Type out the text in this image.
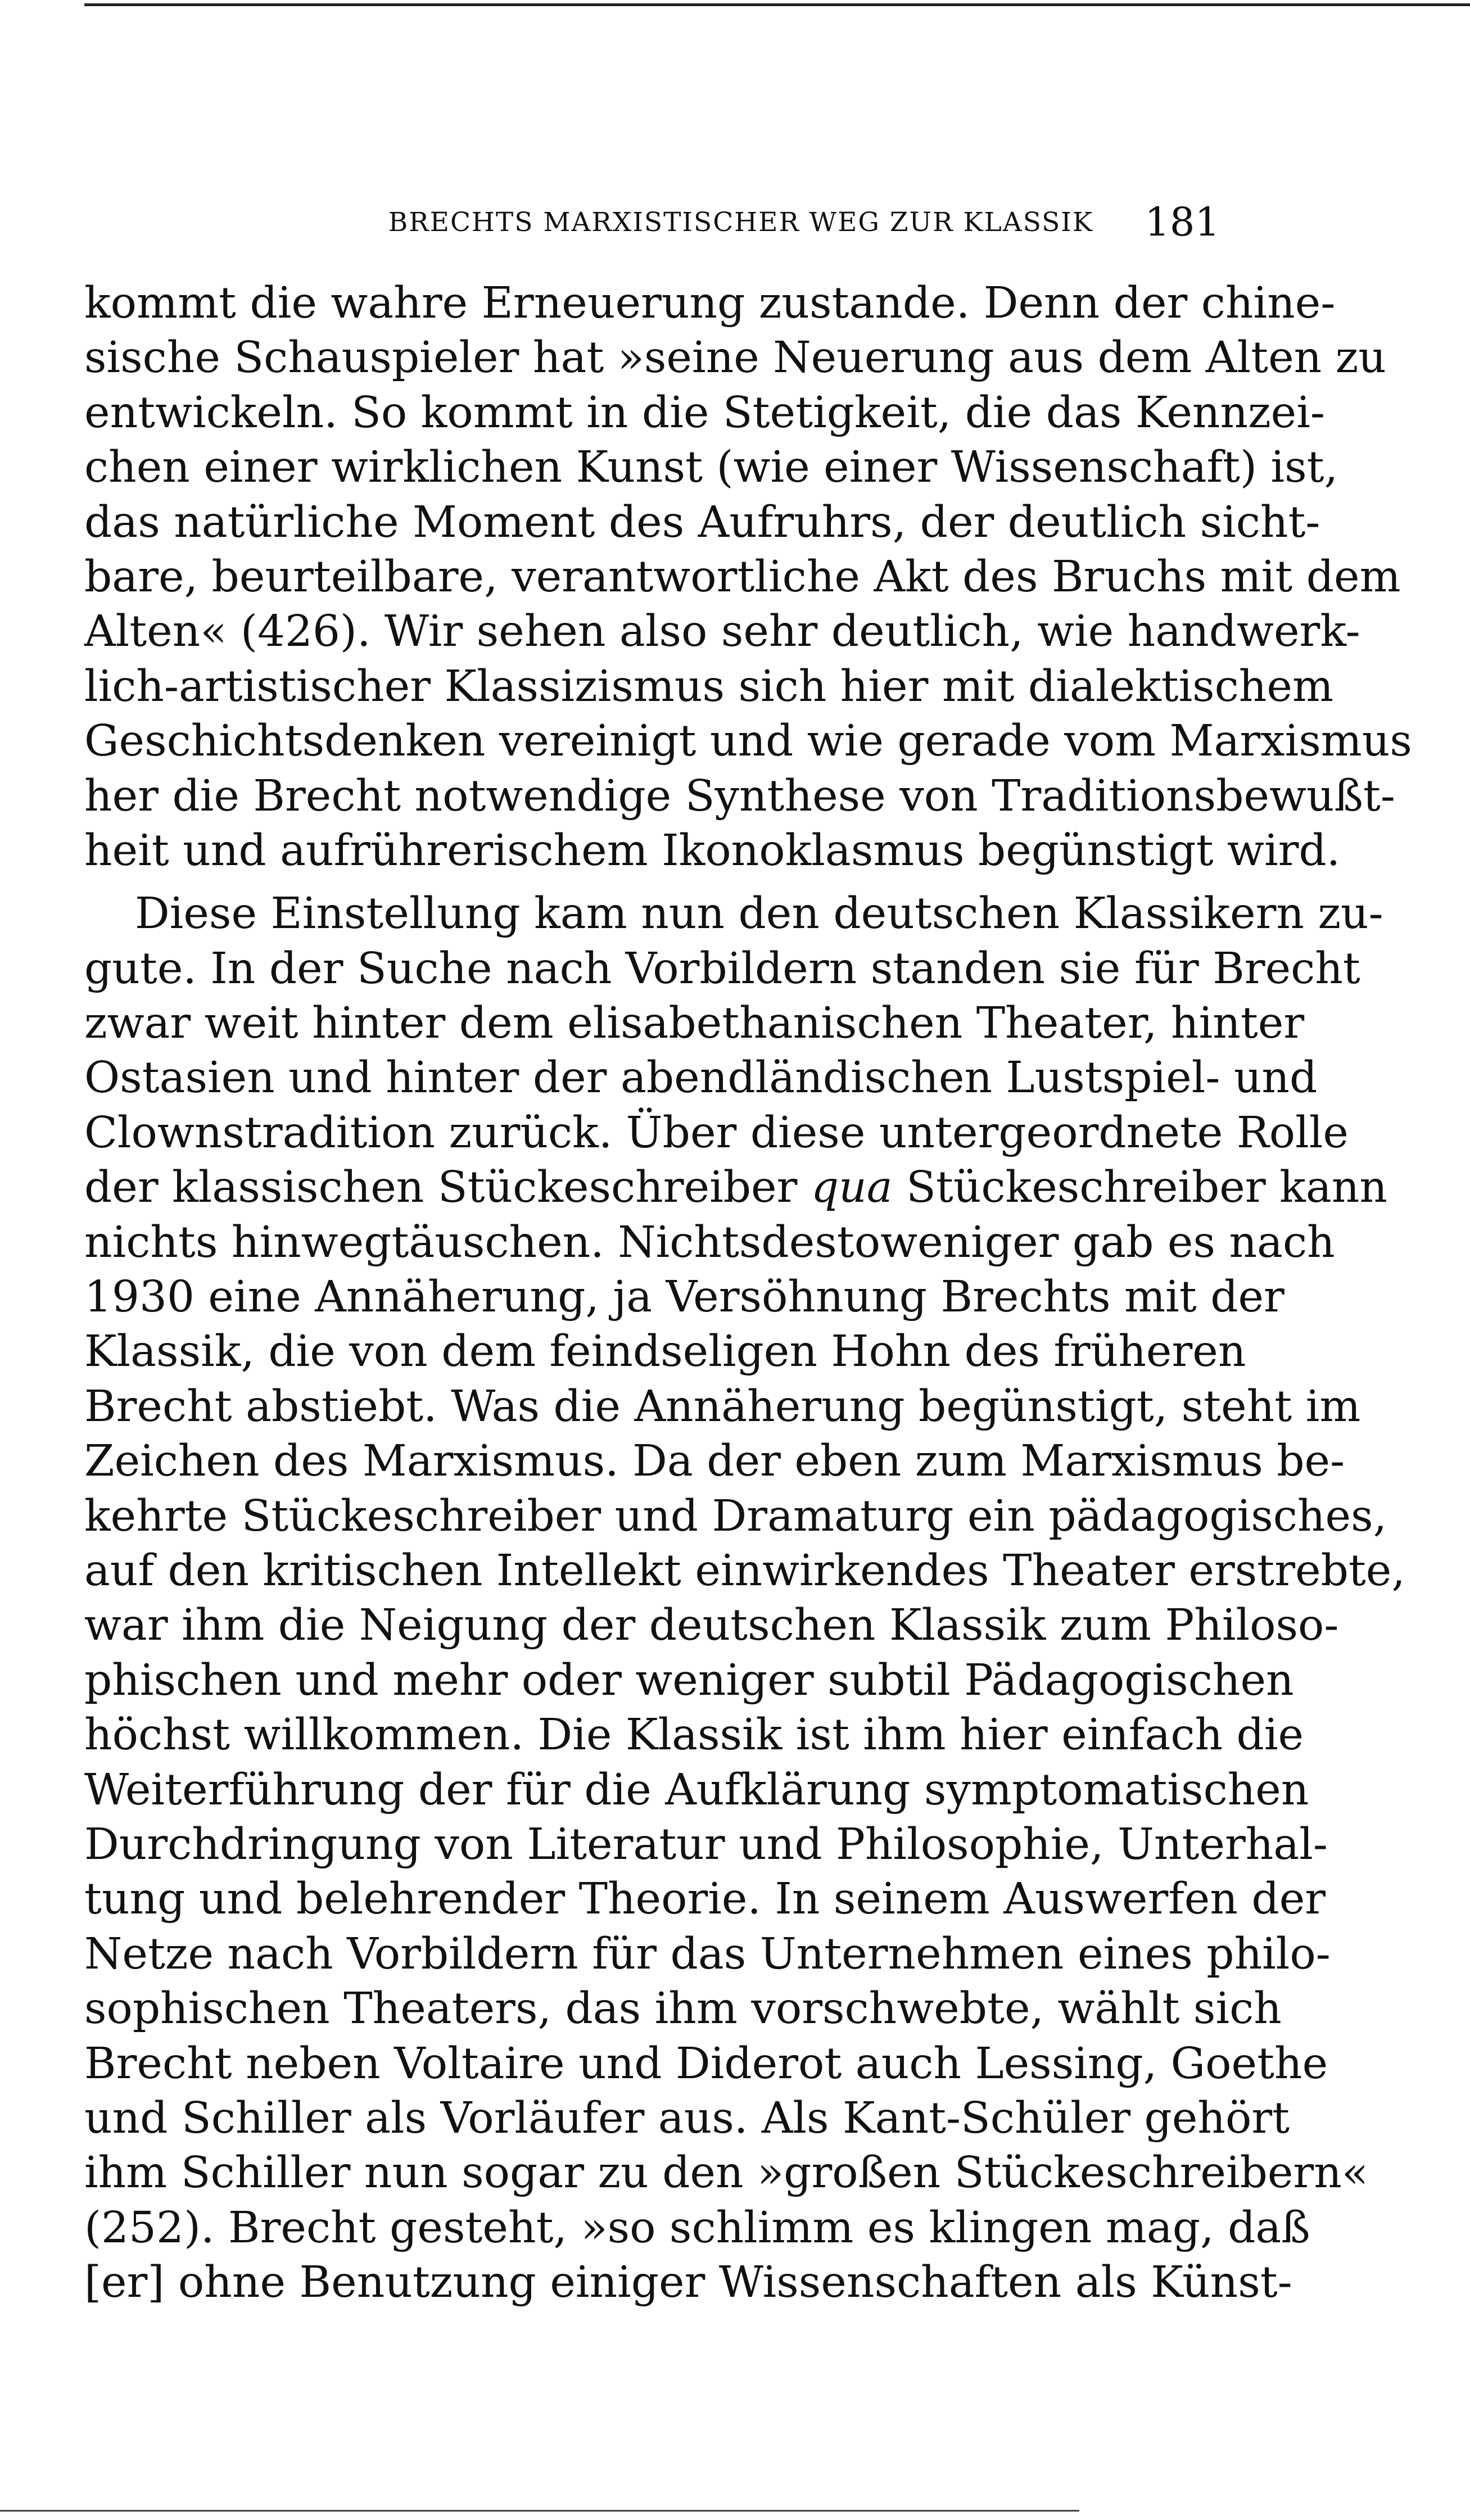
BRECHTS MARXISTISCHER WEG ZUR KLASSIK 181
kommt die wahre Erneuerung zustande. Denn der chine-
sische Schauspieler hat »seine Neuerung aus dem Alten zu
entwickeln. So kommt in die Stetigkeit, die das Kennzei-
chen einer wirklichen Kunst (wie einer Wissenschaft) ist,
das natürliche Moment des Aufruhrs, der deutlich sicht-
bare, beurteilbare, verantwortliche Akt des Bruchs mit dem
Alten« (426). Wir sehen also sehr deutlich, wie handwerk-
lich-artistischer Klassizismus sich hier mit dialektischem
Geschichtsdenken vereinigt und wie gerade vom Marxismus
her die Brecht notwendige Synthese von Traditionsbewußt-
heit und aufrührerischem Ikonoklasmus begünstigt wird.
Diese Einstellung kam nun den deutschen Klassikern zu-
gute. In der Suche nach Vorbildern standen sie für Brecht
zwar weit hinter dem elisabethanischen Theater, hinter
Ostasien und hinter der abendländischen Lustspiel- und
Clownstradition zurück. Über diese untergeordnete Rolle
der klassischen Stückeschreiber qua Stückeschreiber kann
nichts hinwegtäuschen. Nichtsdestoweniger gab es nach
1930 eine Annäherung, ja Versöhnung Brechts mit der
Klassik, die von dem feindseligen Hohn des früheren
Brecht abstiebt. Was die Annäherung begünstigt, steht im
Zeichen des Marxismus. Da der eben zum Marxismus be-
kehrte Stückeschreiber und Dramaturg ein pädagogisches,
auf den kritischen Intellekt einwirkendes Theater erstrebte,
war ihm die Neigung der deutschen Klassik zum Philoso-
phischen und mehr oder weniger subtil Pädagogischen
höchst willkommen. Die Klassik ist ihm hier einfach die
Weiterführung der für die Aufklärung symptomatischen
Durchdringung von Literatur und Philosophie, Unterhal-
tung und belehrender Theorie. In seinem Auswerfen der
Netze nach Vorbildern für das Unternehmen eines philo-
sophischen Theaters, das ihm vorschwebte, wählt sich
Brecht neben Voltaire und Diderot auch Lessing, Goethe
und Schiller als Vorläufer aus. Als Kant-Schüler gehört
ihm Schiller nun sogar zu den »großen Stückeschreibern«
(252). Brecht gesteht, »so schlimm es klingen mag, daß
[er] ohne Benutzung einiger Wissenschaften als Künst-
